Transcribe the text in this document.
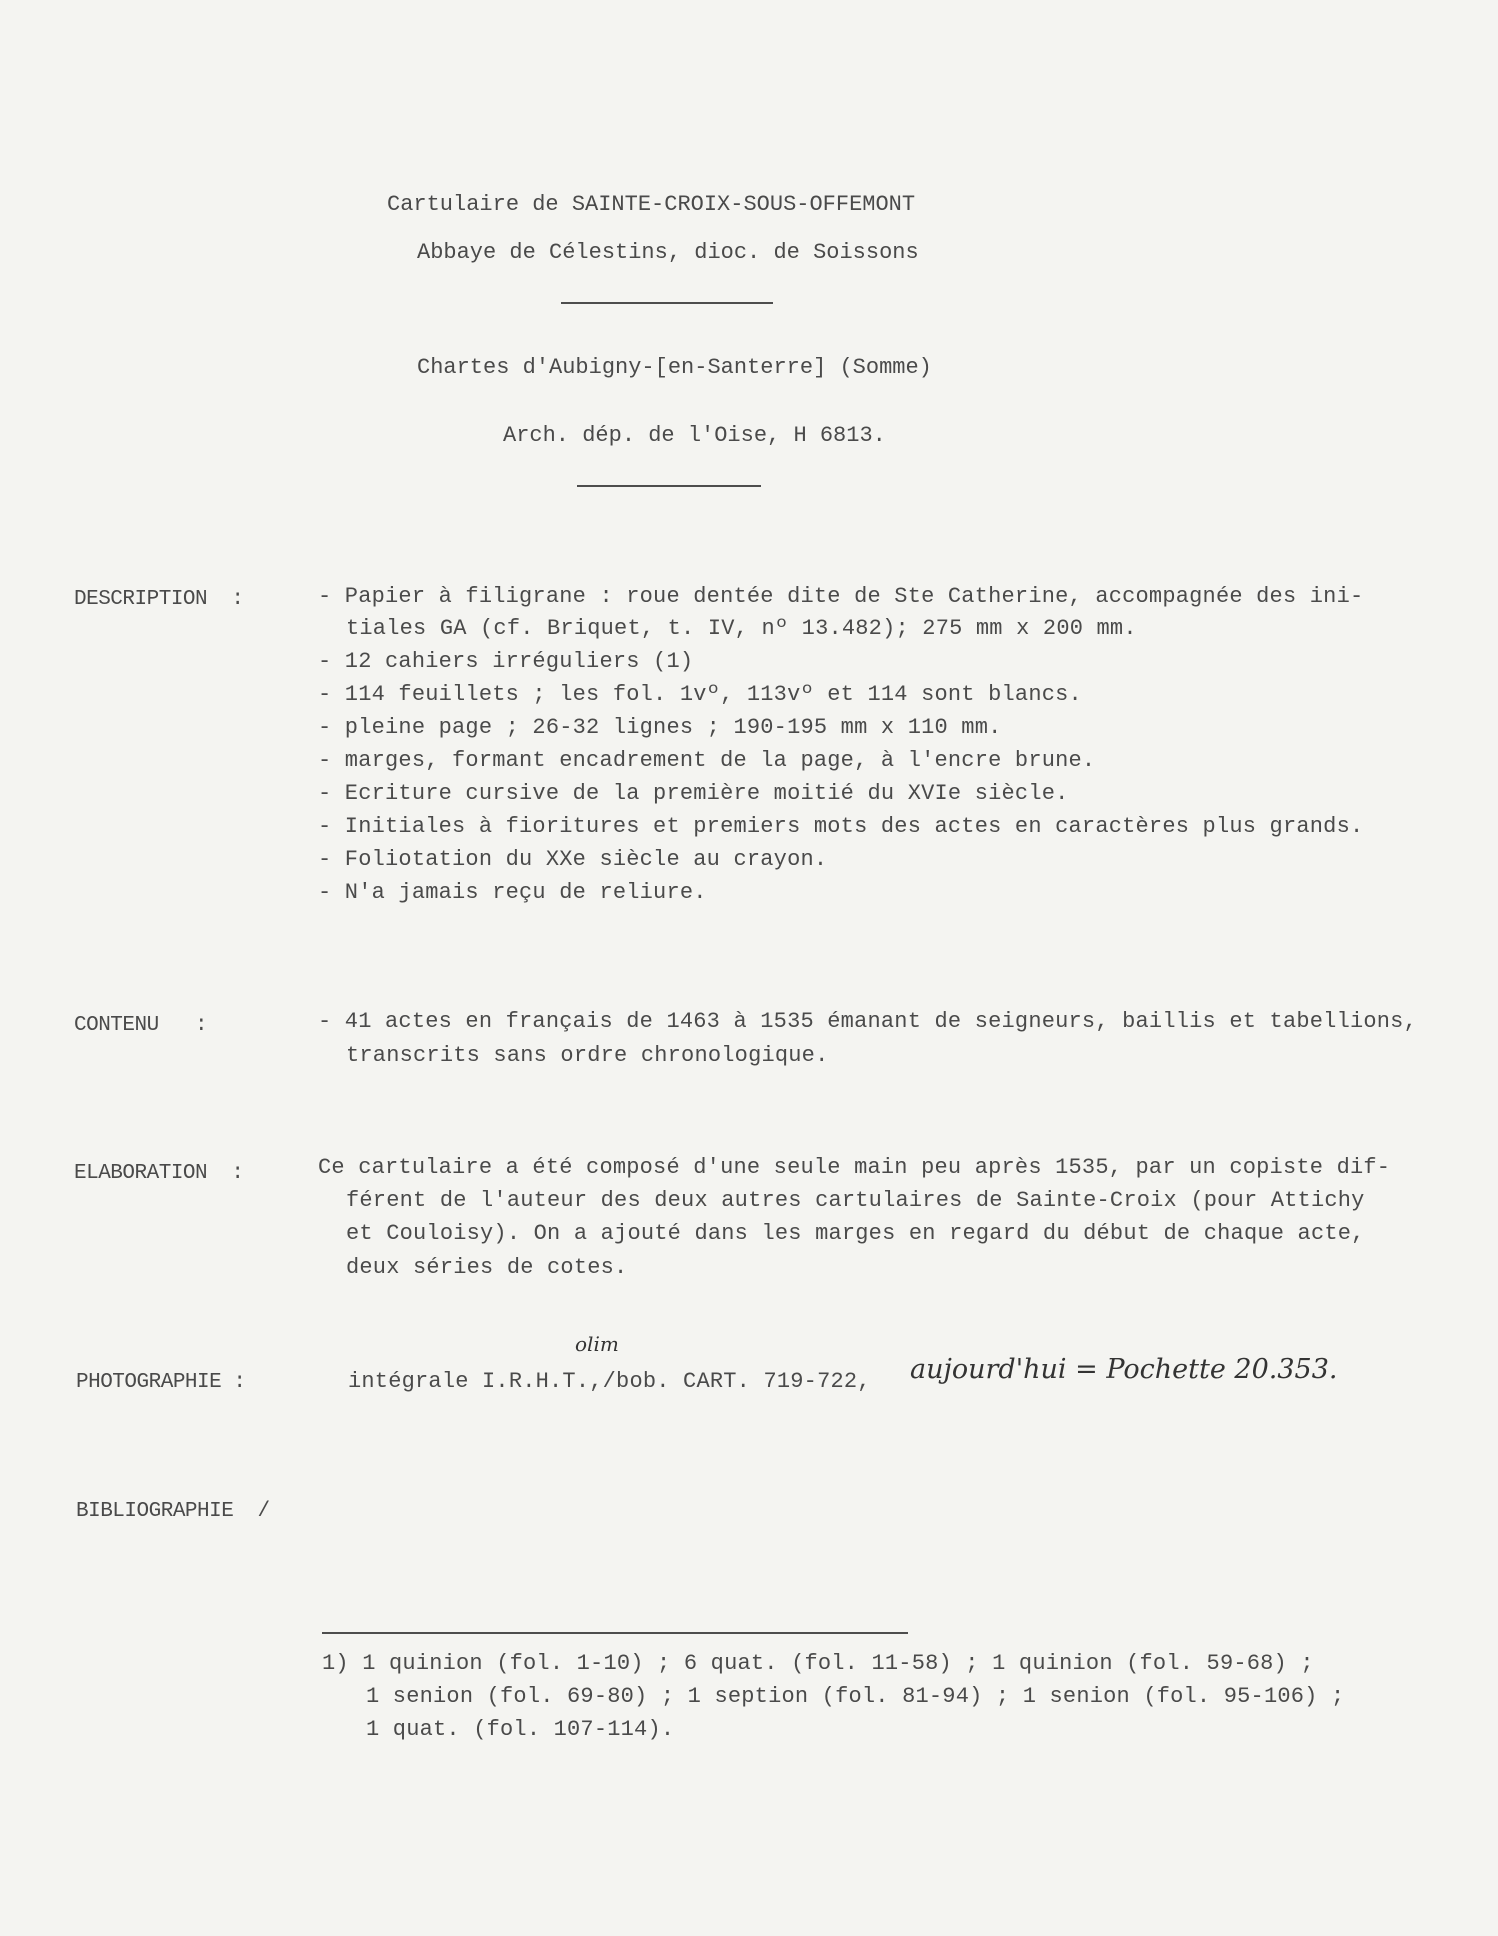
Cartulaire de SAINTE-CROIX-SOUS-OFFEMONT
Abbaye de Célestins, dioc. de Soissons
Chartes d'Aubigny-[en-Santerre] (Somme)
Arch. dép. de l'Oise, H 6813.
DESCRIPTION  :	- Papier à filigrane : roue dentée dite de Ste Catherine, accompagnée des ini-
tiales GA (cf. Briquet, t. IV, nº 13.482); 275 mm x 200 mm.
- 12 cahiers irréguliers (1)
- 114 feuillets ; les fol. 1vº, 113vº et 114 sont blancs.
- pleine page ; 26-32 lignes ; 190-195 mm x 110 mm.
- marges, formant encadrement de la page, à l'encre brune.
- Ecriture cursive de la première moitié du XVIe siècle.
- Initiales à fioritures et premiers mots des actes en caractères plus grands.
- Foliotation du XXe siècle au crayon.
- N'a jamais reçu de reliure.
CONTENU   :	- 41 actes en français de 1463 à 1535 émanant de seigneurs, baillis et tabellions,
transcrits sans ordre chronologique.
ELABORATION  :	Ce cartulaire a été composé d'une seule main peu après 1535, par un copiste dif-
férent de l'auteur des deux autres cartulaires de Sainte-Croix (pour Attichy
et Couloisy). On a ajouté dans les marges en regard du début de chaque acte,
deux séries de cotes.
PHOTOGRAPHIE :	intégrale I.R.H.T.,/bob. CART. 719-722,
olim
aujourd'hui = Pochette 20.353.
BIBLIOGRAPHIE  /
1) 1 quinion (fol. 1-10) ; 6 quat. (fol. 11-58) ; 1 quinion (fol. 59-68) ;
1 senion (fol. 69-80) ; 1 seption (fol. 81-94) ; 1 senion (fol. 95-106) ;
1 quat. (fol. 107-114).
